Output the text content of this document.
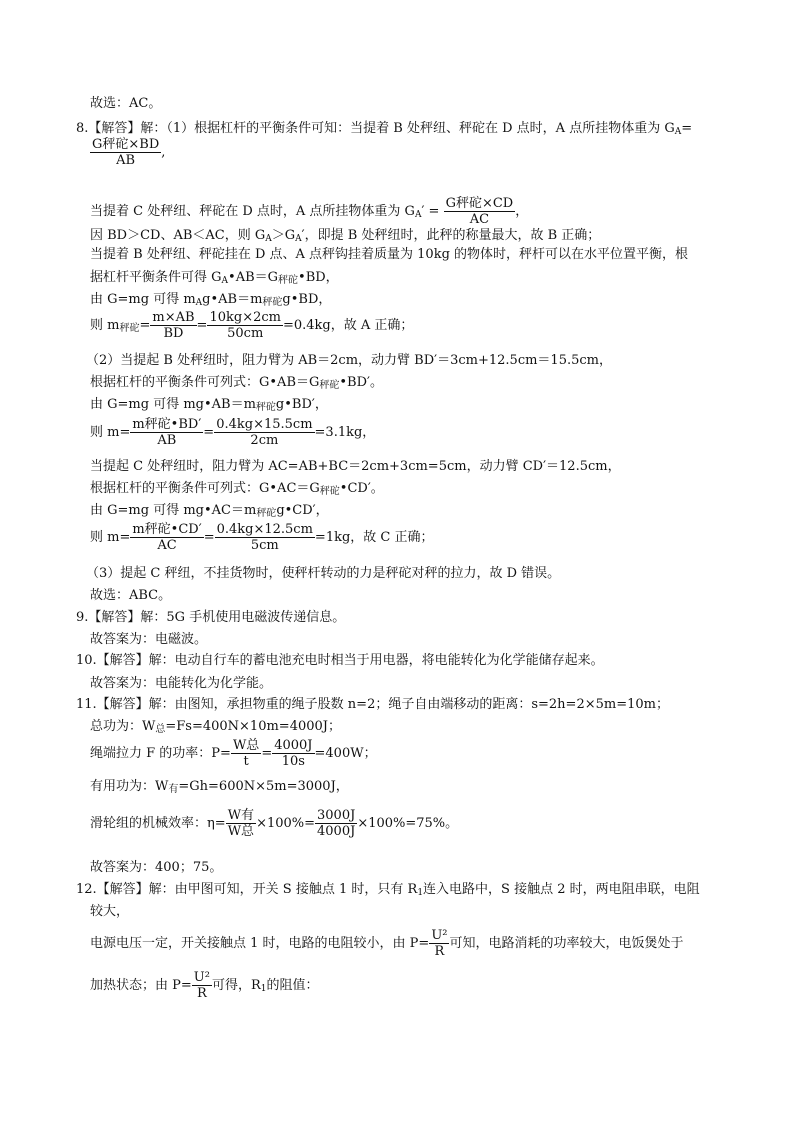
故选：AC。
8.【解答】解：（1）根据杠杆的平衡条件可知：当提着 B 处秤纽、秤砣在 D 点时，A 点所挂物体重为 $G_A=$
$\frac{\text{G秤砣×BD}}{AB}$ ,
当提着 C 处秤纽、秤砣在 D 点时，A 点所挂物体重为 $G_A' = \frac{\text{G秤砣×CD}}{AC}$ ，
因 BD＞CD、AB＜AC，则 $G_A>G_A'$，即提 B 处秤纽时，此秤的称量最大，故 B 正确；
当提着 B 处秤纽、秤砣挂在 D 点、A 点秤钩挂着质量为 10kg 的物体时，秤杆可以在水平位置平衡，根
据杠杆平衡条件可得 $G_A•AB=G_{秤砣}•BD$，
由 G=mg 可得 $m_Ag•AB=m_{秤砣}g•BD$，
则 $m_{秤砣}= \frac{m\times AB}{BD} = \frac{10kg\times 2cm}{50cm} =0.4kg$，故 A 正确；
（2）当提起 B 处秤纽时，阻力臂为 AB＝2cm，动力臂 BD′＝3cm+12.5cm＝15.5cm，
根据杠杆的平衡条件可列式：$G•AB=G_{秤砣}•BD'$。
由 G=mg 可得 $mg•AB=m_{秤砣}g•BD'$，
则 $m= \frac{\text{m秤砣•BD′}}{AB} = \frac{0.4kg\times 15.5cm}{2cm} =3.1kg$，
当提起 C 处秤纽时，阻力臂为 AC=AB+BC＝2cm+3cm=5cm，动力臂 CD′＝12.5cm，
根据杠杆的平衡条件可列式：$G•AC=G_{秤砣}•CD'$。
由 G=mg 可得 $mg•AC=m_{秤砣}g•CD'$，
则 $m= \frac{\text{m秤砣•CD′}}{AC} = \frac{0.4kg\times 12.5cm}{5cm} =1kg$，故 C 正确；
（3）提起 C 秤纽，不挂货物时，使秤杆转动的力是秤砣对秤的拉力，故 D 错误。
故选：ABC。
9.【解答】解：5G 手机使用电磁波传递信息。
故答案为：电磁波。
10.【解答】解：电动自行车的蓄电池充电时相当于用电器，将电能转化为化学能储存起来。
故答案为：电能转化为化学能。
11.【解答】解：由图知，承担物重的绳子股数 n=2；绳子自由端移动的距离：s=2h=2×5m=10m；
总功为：$W_总=Fs=400N\times 10m=4000J$；
绳端拉力 F 的功率：$P= \frac{\text{W总}}{t} = \frac{4000J}{10s} =400W$；
有用功为：$W_有=Gh=600N\times 5m=3000J$，
滑轮组的机械效率：$\eta= \frac{\text{W有}}{\text{W总}} \times 100\%= \frac{3000J}{4000J} \times 100\%=75\%$。
故答案为：400；75。
12.【解答】解：由甲图可知，开关 S 接触点 1 时，只有 $R_1$连入电路中，S 接触点 2 时，两电阻串联，电阻
较大，
电源电压一定，开关接触点 1 时，电路的电阻较小，由 $P= \frac{\text{U²}}{R}$ 可知，电路消耗的功率较大，电饭煲处于
加热状态；由 $P= \frac{\text{U²}}{R}$ 可得，$R_1$的阻值：
